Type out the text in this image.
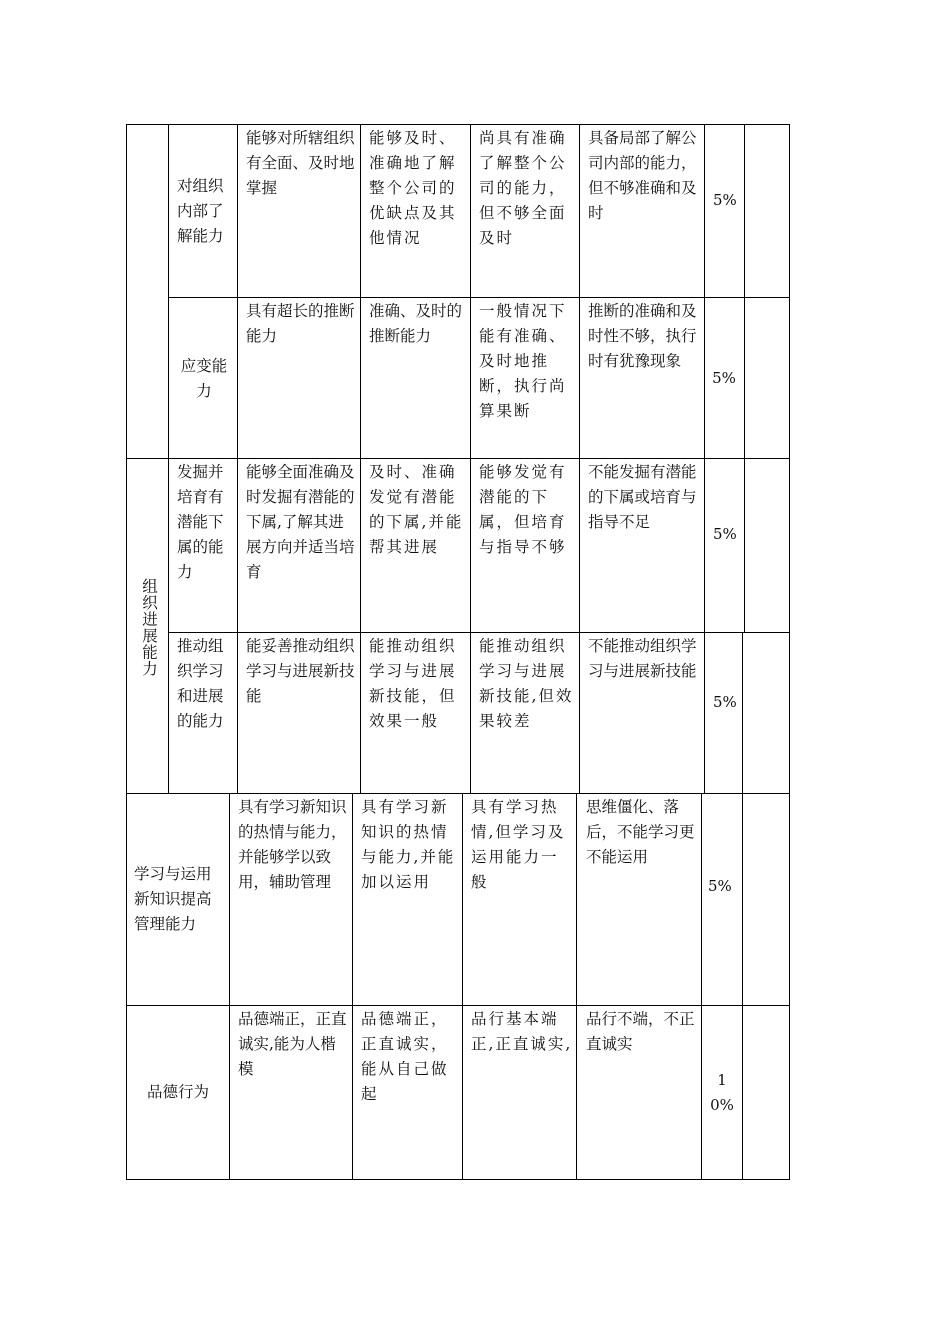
组织进展能力
对组织内部了解能力
能够对所辖组织有全面、及时地掌握
能够及时、准确地了解整个公司的优缺点及其他情况
尚具有准确了解整个公司的能力，但不够全面及时
具备局部了解公司内部的能力，但不够准确和及时
5%
应变能力
具有超长的推断能力
准确、及时的推断能力
一般情况下能有准确、及时地推断，执行尚算果断
推断的准确和及时性不够，执行时有犹豫现象
5%
发掘并培育有潜能下属的能力
能够全面准确及时发掘有潜能的下属,了解其进展方向并适当培育
及时、准确发觉有潜能的下属,并能帮其进展
能够发觉有潜能的下属，但培育与指导不够
不能发掘有潜能的下属或培育与指导不足
5%
推动组织学习和进展的能力
能妥善推动组织学习与进展新技能
能推动组织学习与进展新技能，但效果一般
能推动组织学习与进展新技能,但效果较差
不能推动组织学习与进展新技能
5%
学习与运用新知识提高管理能力
具有学习新知识的热情与能力，并能够学以致用，辅助管理
具有学习新知识的热情与能力,并能加以运用
具有学习热情,但学习及运用能力一般
思维僵化、落后，不能学习更不能运用
5%
品德行为
品德端正，正直诚实,能为人楷模
品德端正，正直诚实，能从自己做起
品行基本端正,正直诚实,
品行不端，不正直诚实
10%
